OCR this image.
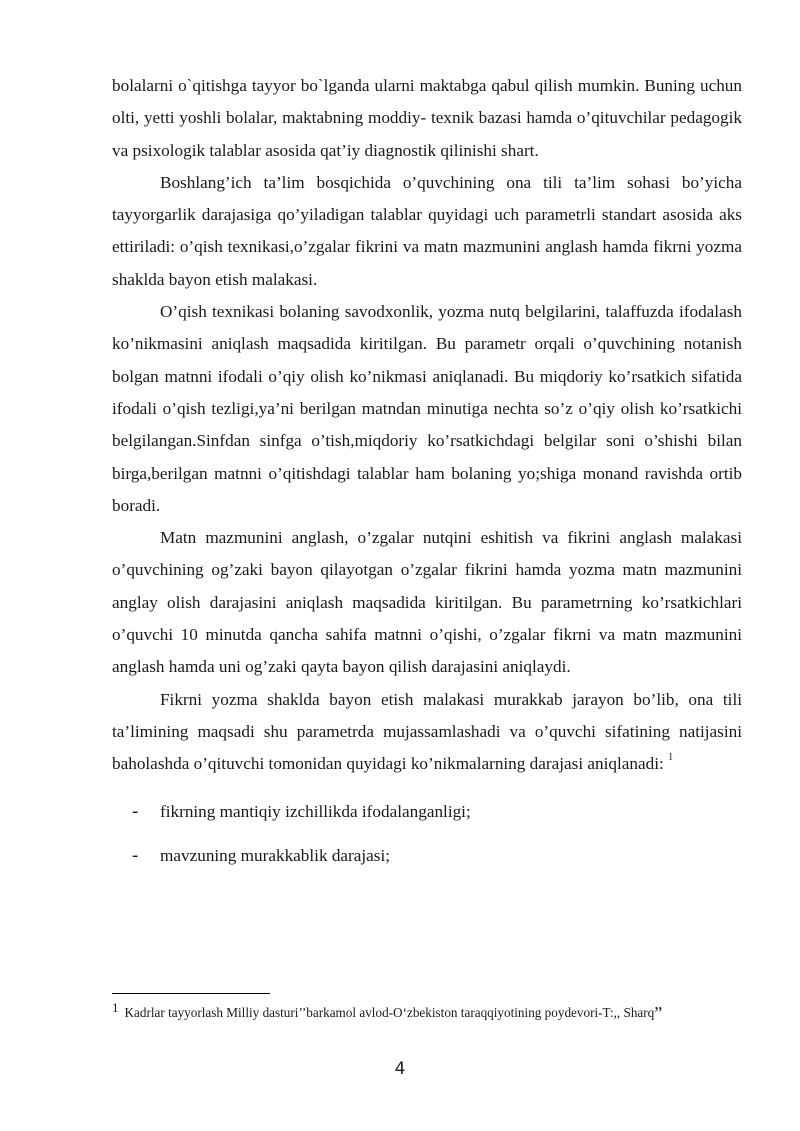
bolalarni o`qitishga tayyor bo`lganda ularni maktabga qabul qilish mumkin. Buning uchun olti, yetti yoshli bolalar, maktabning moddiy- texnik bazasi hamda o’qituvchilar pedagogik va psixologik talablar asosida qat’iy diagnostik qilinishi shart.

Boshlang’ich ta’lim bosqichida o’quvchining ona tili ta’lim sohasi bo’yicha tayyorgarlik darajasiga qo’yiladigan talablar quyidagi uch parametrli standart asosida aks ettiriladi: o’qish texnikasi,o’zgalar fikrini va matn mazmunini anglash hamda fikrni yozma shaklda bayon etish malakasi.

O’qish texnikasi bolaning savodxonlik, yozma nutq belgilarini, talaffuzda ifodalash ko’nikmasini aniqlash maqsadida kiritilgan. Bu parametr orqali o’quvchining notanish bolgan matnni ifodali o’qiy olish ko’nikmasi aniqlanadi. Bu miqdoriy ko’rsatkich sifatida ifodali o’qish tezligi,ya’ni berilgan matndan minutiga nechta so’z o’qiy olish ko’rsatkichi belgilangan.Sinfdan sinfga o’tish,miqdoriy ko’rsatkichdagi belgilar soni o’shishi bilan birga,berilgan matnni o’qitishdagi talablar ham bolaning yo;shiga monand ravishda ortib boradi.

Matn mazmunini anglash, o’zgalar nutqini eshitish va fikrini anglash malakasi o’quvchining og’zaki bayon qilayotgan o’zgalar fikrini hamda yozma matn mazmunini anglay olish darajasini aniqlash maqsadida kiritilgan. Bu parametrning ko’rsatkichlari o’quvchi 10 minutda qancha sahifa matnni o’qishi, o’zgalar fikrni va matn mazmunini anglash hamda uni og’zaki qayta bayon qilish darajasini aniqlaydi.

Fikrni yozma shaklda bayon etish malakasi murakkab jarayon bo’lib, ona tili ta’limining maqsadi shu parametrda mujassamlashadi va o’quvchi sifatining natijasini baholashda o’qituvchi tomonidan quyidagi ko’nikmalarning darajasi aniqlanadi: $^1$

-	fikrning mantiqiy izchillikda ifodalanganligi;
-	mavzuning murakkablik darajasi;
1 Kadrlar tayyorlash Milliy dasturi’’barkamol avlod-O‘zbekiston taraqqiyotining poydevori-T:,, Sharq”
4
